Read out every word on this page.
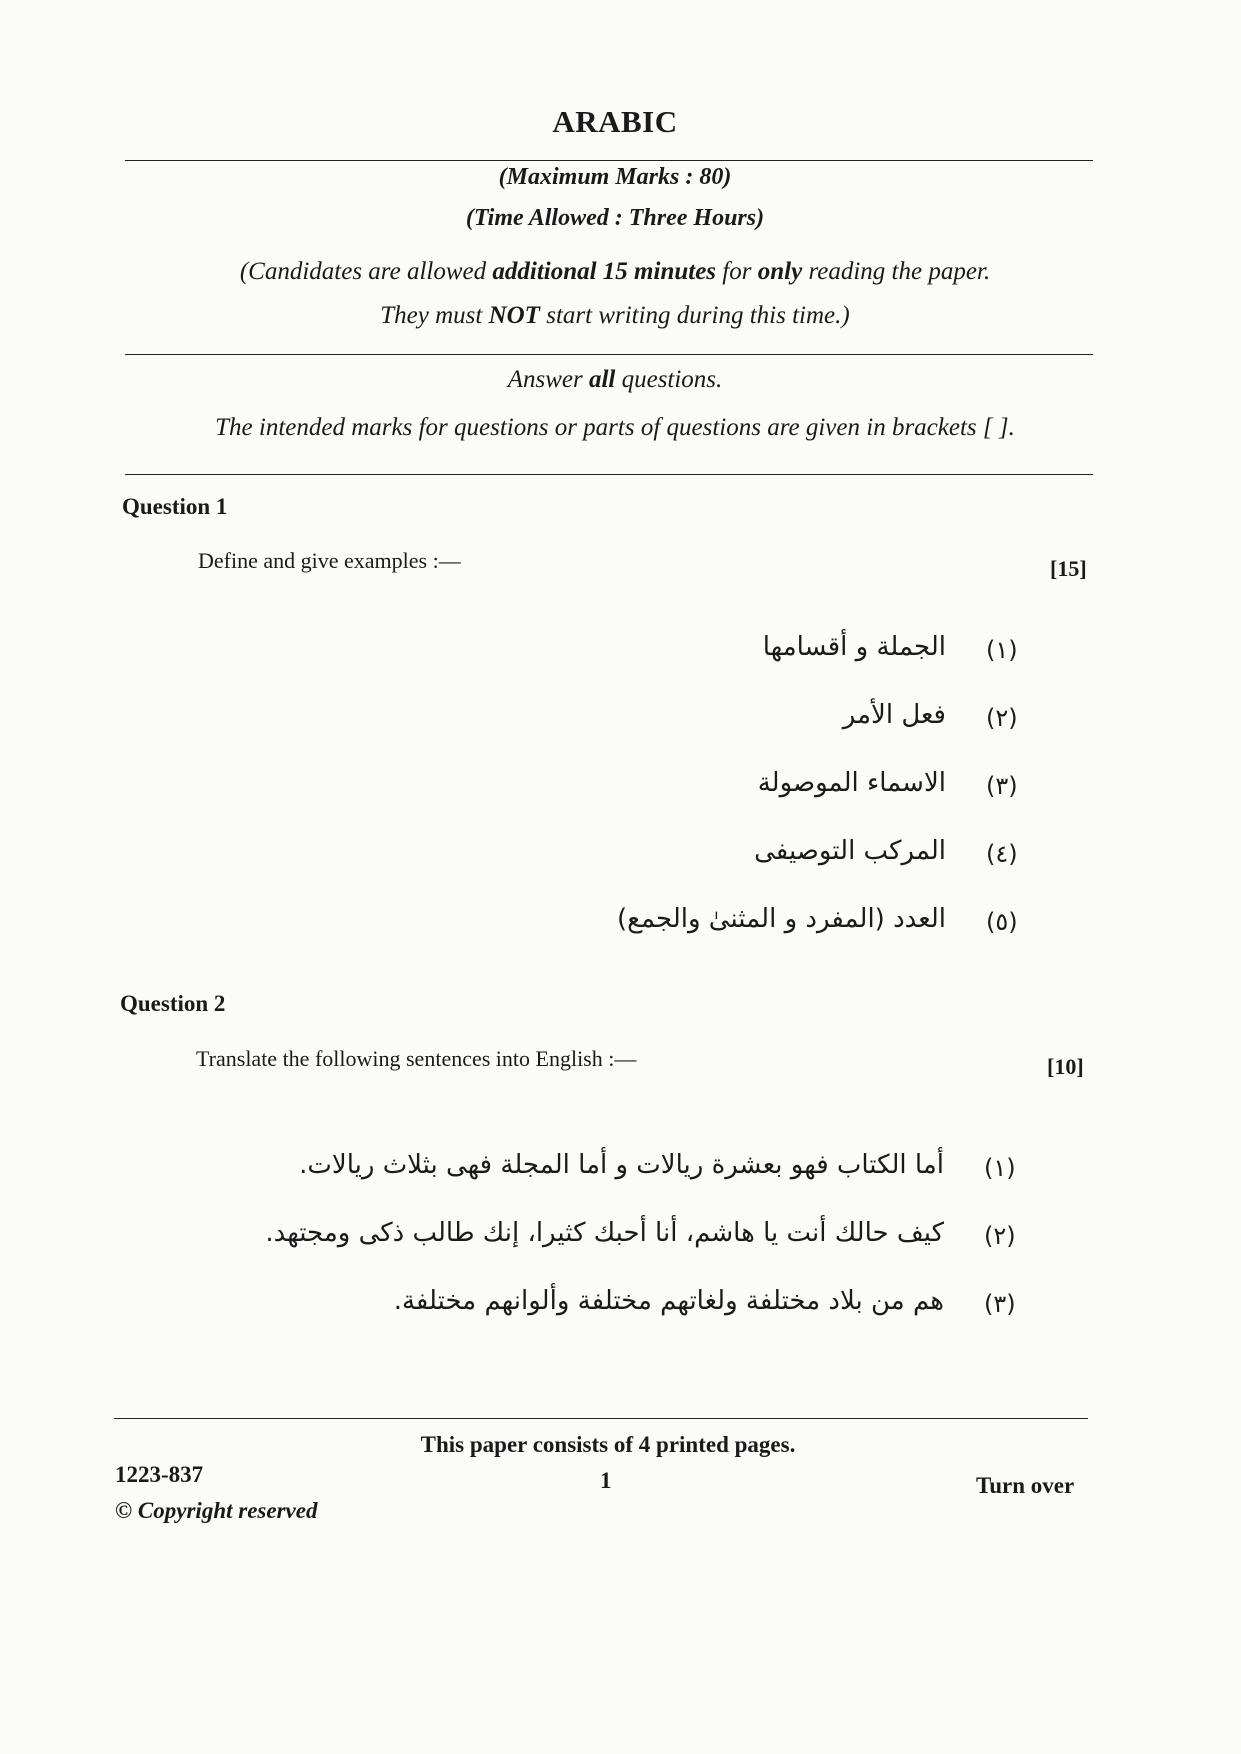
ARABIC
(Maximum Marks : 80)
(Time Allowed : Three Hours)
(Candidates are allowed additional 15 minutes for only reading the paper.
They must NOT start writing during this time.)
Answer all questions.
The intended marks for questions or parts of questions are given in brackets [ ].
Question 1
Define and give examples :—	[15]
(١)
الجملة و أقسامها
(٢)
فعل الأمر
(٣)
الاسماء الموصولة
(٤)
المركب التوصيفى
(٥)
العدد (المفرد و المثنىٰ والجمع)
Question 2
Translate the following sentences into English :—	[10]
(١)
أما الكتاب فهو بعشرة ريالات و أما المجلة فهى بثلاث ريالات.
(٢)
كيف حالك أنت يا هاشم، أنا أحبك كثيرا، إنك طالب ذكى ومجتهد.
(٣)
هم من بلاد مختلفة ولغاتهم مختلفة وألوانهم مختلفة.
This paper consists of 4 printed pages.
1223-837	1	Turn over
© Copyright reserved
